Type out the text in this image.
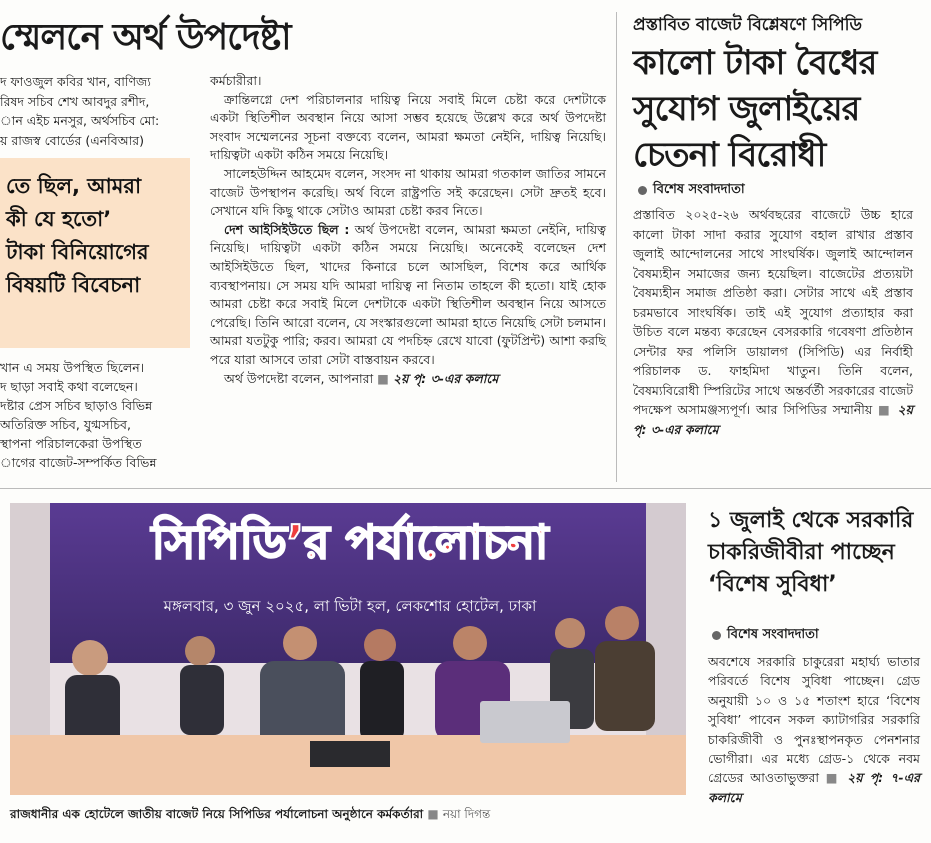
ম্মেলনে অর্থ উপদেষ্টা

দ ফাওজুল কবির খান, বাণিজ্য

রিষদ সচিব শেখ আবদুর রশীদ,

ান এইচ মনসুর, অর্থসচিব মো:

য় রাজস্ব বোর্ডের (এনবিআর)

তে ছিল, আমরা
কী যে হতো’
টাকা বিনিয়োগের
বিষয়টি বিবেচনা

খান এ সময় উপস্থিত ছিলেন।

দ ছাড়া সবাই কথা বলেছেন।

দষ্টার প্রেস সচিব ছাড়াও বিভিন্ন

অতিরিক্ত সচিব, যুগ্মসচিব,

স্থাপনা পরিচালকেরা উপস্থিত

াগের বাজেট-সম্পর্কিত বিভিন্ন

কর্মচারীরা।

ক্রান্তিলগ্নে দেশ পরিচালনার দায়িত্ব নিয়ে সবাই মিলে চেষ্টা করে দেশটাকে একটা স্থিতিশীল অবস্থান নিয়ে আসা সম্ভব হয়েছে উল্লেখ করে অর্থ উপদেষ্টা সংবাদ সম্মেলনের সূচনা বক্তব্যে বলেন, আমরা ক্ষমতা নেইনি, দায়িত্ব নিয়েছি। দায়িত্বটা একটা কঠিন সময়ে নিয়েছি।

সালেহউদ্দিন আহমেদ বলেন, সংসদ না থাকায় আমরা গতকাল জাতির সামনে বাজেট উপস্থাপন করেছি। অর্থ বিলে রাষ্ট্রপতি সই করেছেন। সেটা দ্রুতই হবে। সেখানে যদি কিছু থাকে সেটাও আমরা চেষ্টা করব নিতে।

দেশ আইসিইউতে ছিল : অর্থ উপদেষ্টা বলেন, আমরা ক্ষমতা নেইনি, দায়িত্ব নিয়েছি। দায়িত্বটা একটা কঠিন সময়ে নিয়েছি। অনেকেই বলেছেন দেশ আইসিইউতে ছিল, খাদের কিনারে চলে আসছিল, বিশেষ করে আর্থিক ব্যবস্থাপনায়। সে সময় যদি আমরা দায়িত্ব না নিতাম তাহলে কী হতো। যাই হোক আমরা চেষ্টা করে সবাই মিলে দেশটাকে একটা স্থিতিশীল অবস্থান নিয়ে আসতে পেরেছি। তিনি আরো বলেন, যে সংস্কারগুলো আমরা হাতে নিয়েছি সেটা চলমান। আমরা যতটুকু পারি; করব। আমরা যে পদচিহ্ন রেখে যাবো (ফুটপ্রিন্ট) আশা করছি পরে যারা আসবে তারা সেটা বাস্তবায়ন করবে।

অর্থ উপদেষ্টা বলেন, আপনারা ■ ২য় পৃ: ৩-এর কলামে

প্রস্তাবিত বাজেট বিশ্লেষণে সিপিডি
কালো টাকা বৈধের
সুযোগ জুলাইয়ের
চেতনা বিরোধী
বিশেষ সংবাদদাতা

প্রস্তাবিত ২০২৫-২৬ অর্থবছরের বাজেটে উচ্চ হারে কালো টাকা সাদা করার সুযোগ বহাল রাখার প্রস্তাব জুলাই আন্দোলনের সাথে সাংঘর্ষিক। জুলাই আন্দোলন বৈষম্যহীন সমাজের জন্য হয়েছিল। বাজেটের প্রত্যয়টা বৈষম্যহীন সমাজ প্রতিষ্ঠা করা। সেটার সাথে এই প্রস্তাব চরমভাবে সাংঘর্ষিক। তাই এই সুযোগ প্রত্যাহার করা উচিত বলে মন্তব্য করেছেন বেসরকারি গবেষণা প্রতিষ্ঠান সেন্টার ফর পলিসি ডায়ালগ (সিপিডি) এর নির্বাহী পরিচালক ড. ফাহমিদা খাতুন। তিনি বলেন, বৈষম্যবিরোধী স্পিরিটের সাথে অন্তর্বর্তী সরকারের বাজেট পদক্ষেপ অসামঞ্জস্যপূর্ণ। আর সিপিডির সম্মানীয় ■ ২য় পৃ: ৩-এর কলামে

সিপিডি’র পর্যালোচনা
মঙ্গলবার, ৩ জুন ২০২৫, লা ভিটা হল, লেকশোর হোটেল, ঢাকা
রাজধানীর এক হোটেলে জাতীয় বাজেট নিয়ে সিপিডির পর্যালোচনা অনুষ্ঠানে কর্মকর্তারা ■ নয়া দিগন্ত
১ জুলাই থেকে সরকারি
চাকরিজীবীরা পাচ্ছেন
‘বিশেষ সুবিধা’
বিশেষ সংবাদদাতা

অবশেষে সরকারি চাকুরেরা মহার্ঘ্য ভাতার পরিবর্তে বিশেষ সুবিধা পাচ্ছেন। গ্রেড অনুযায়ী ১০ ও ১৫ শতাংশ হারে ‘বিশেষ সুবিধা’ পাবেন সকল ক্যাটাগরির সরকারি চাকরিজীবী ও পুনঃস্থাপনকৃত পেনশনার ভোগীরা। এর মধ্যে গ্রেড-১ থেকে নবম গ্রেডের আওতাভুক্তরা ■ ২য় পৃ: ৭-এর কলামে
